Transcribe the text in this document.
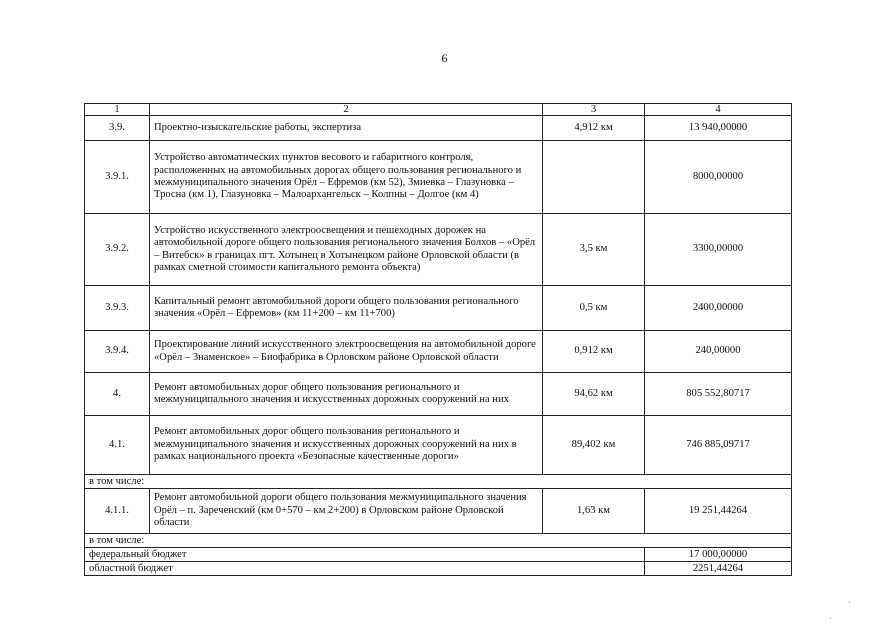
6
1	2	3	4
3.9.	Проектно-изыскательские работы, экспертиза	4,912 км	13 940,00000
3.9.1.	Устройство автоматических пунктов весового и габаритного контроля, расположенных на автомобильных дорогах общего пользования регионального и межмуниципального значения Орёл – Ефремов (км 52), Змиевка – Глазуновка – Тросна (км 1), Глазуновка – Малоархангельск – Колпны – Долгое (км 4)		8000,00000
3.9.2.	Устройство искусственного электроосвещения и пешеходных дорожек на автомобильной дороге общего пользования регионального значения Болхов – «Орёл – Витебск» в границах пгт. Хотынец в Хотынецком районе Орловской области (в рамках сметной стоимости капитального ремонта объекта)	3,5 км	3300,00000
3.9.3.	Капитальный ремонт автомобильной дороги общего пользования регионального значения «Орёл – Ефремов» (км 11+200 – км 11+700)	0,5 км	2400,00000
3.9.4.	Проектирование линий искусственного электроосвещения на автомобильной дороге «Орёл – Знаменское» – Биофабрика в Орловском районе Орловской области	0,912 км	240,00000
4.	Ремонт автомобильных дорог общего пользования регионального и межмуниципального значения и искусственных дорожных сооружений на них	94,62 км	805 552,80717
4.1.	Ремонт автомобильных дорог общего пользования регионального и межмуниципального значения и искусственных дорожных сооружений на них в рамках национального проекта «Безопасные качественные дороги»	89,402 км	746 885,09717
в том числе:			
4.1.1.	Ремонт автомобильной дороги общего пользования межмуниципального значения Орёл – п. Зареченский (км 0+570 – км 2+200) в Орловском районе Орловской области	1,63 км	19 251,44264
в том числе:			
федеральный бюджет			17 000,00000
областной бюджет			2251,44264
·
˙
